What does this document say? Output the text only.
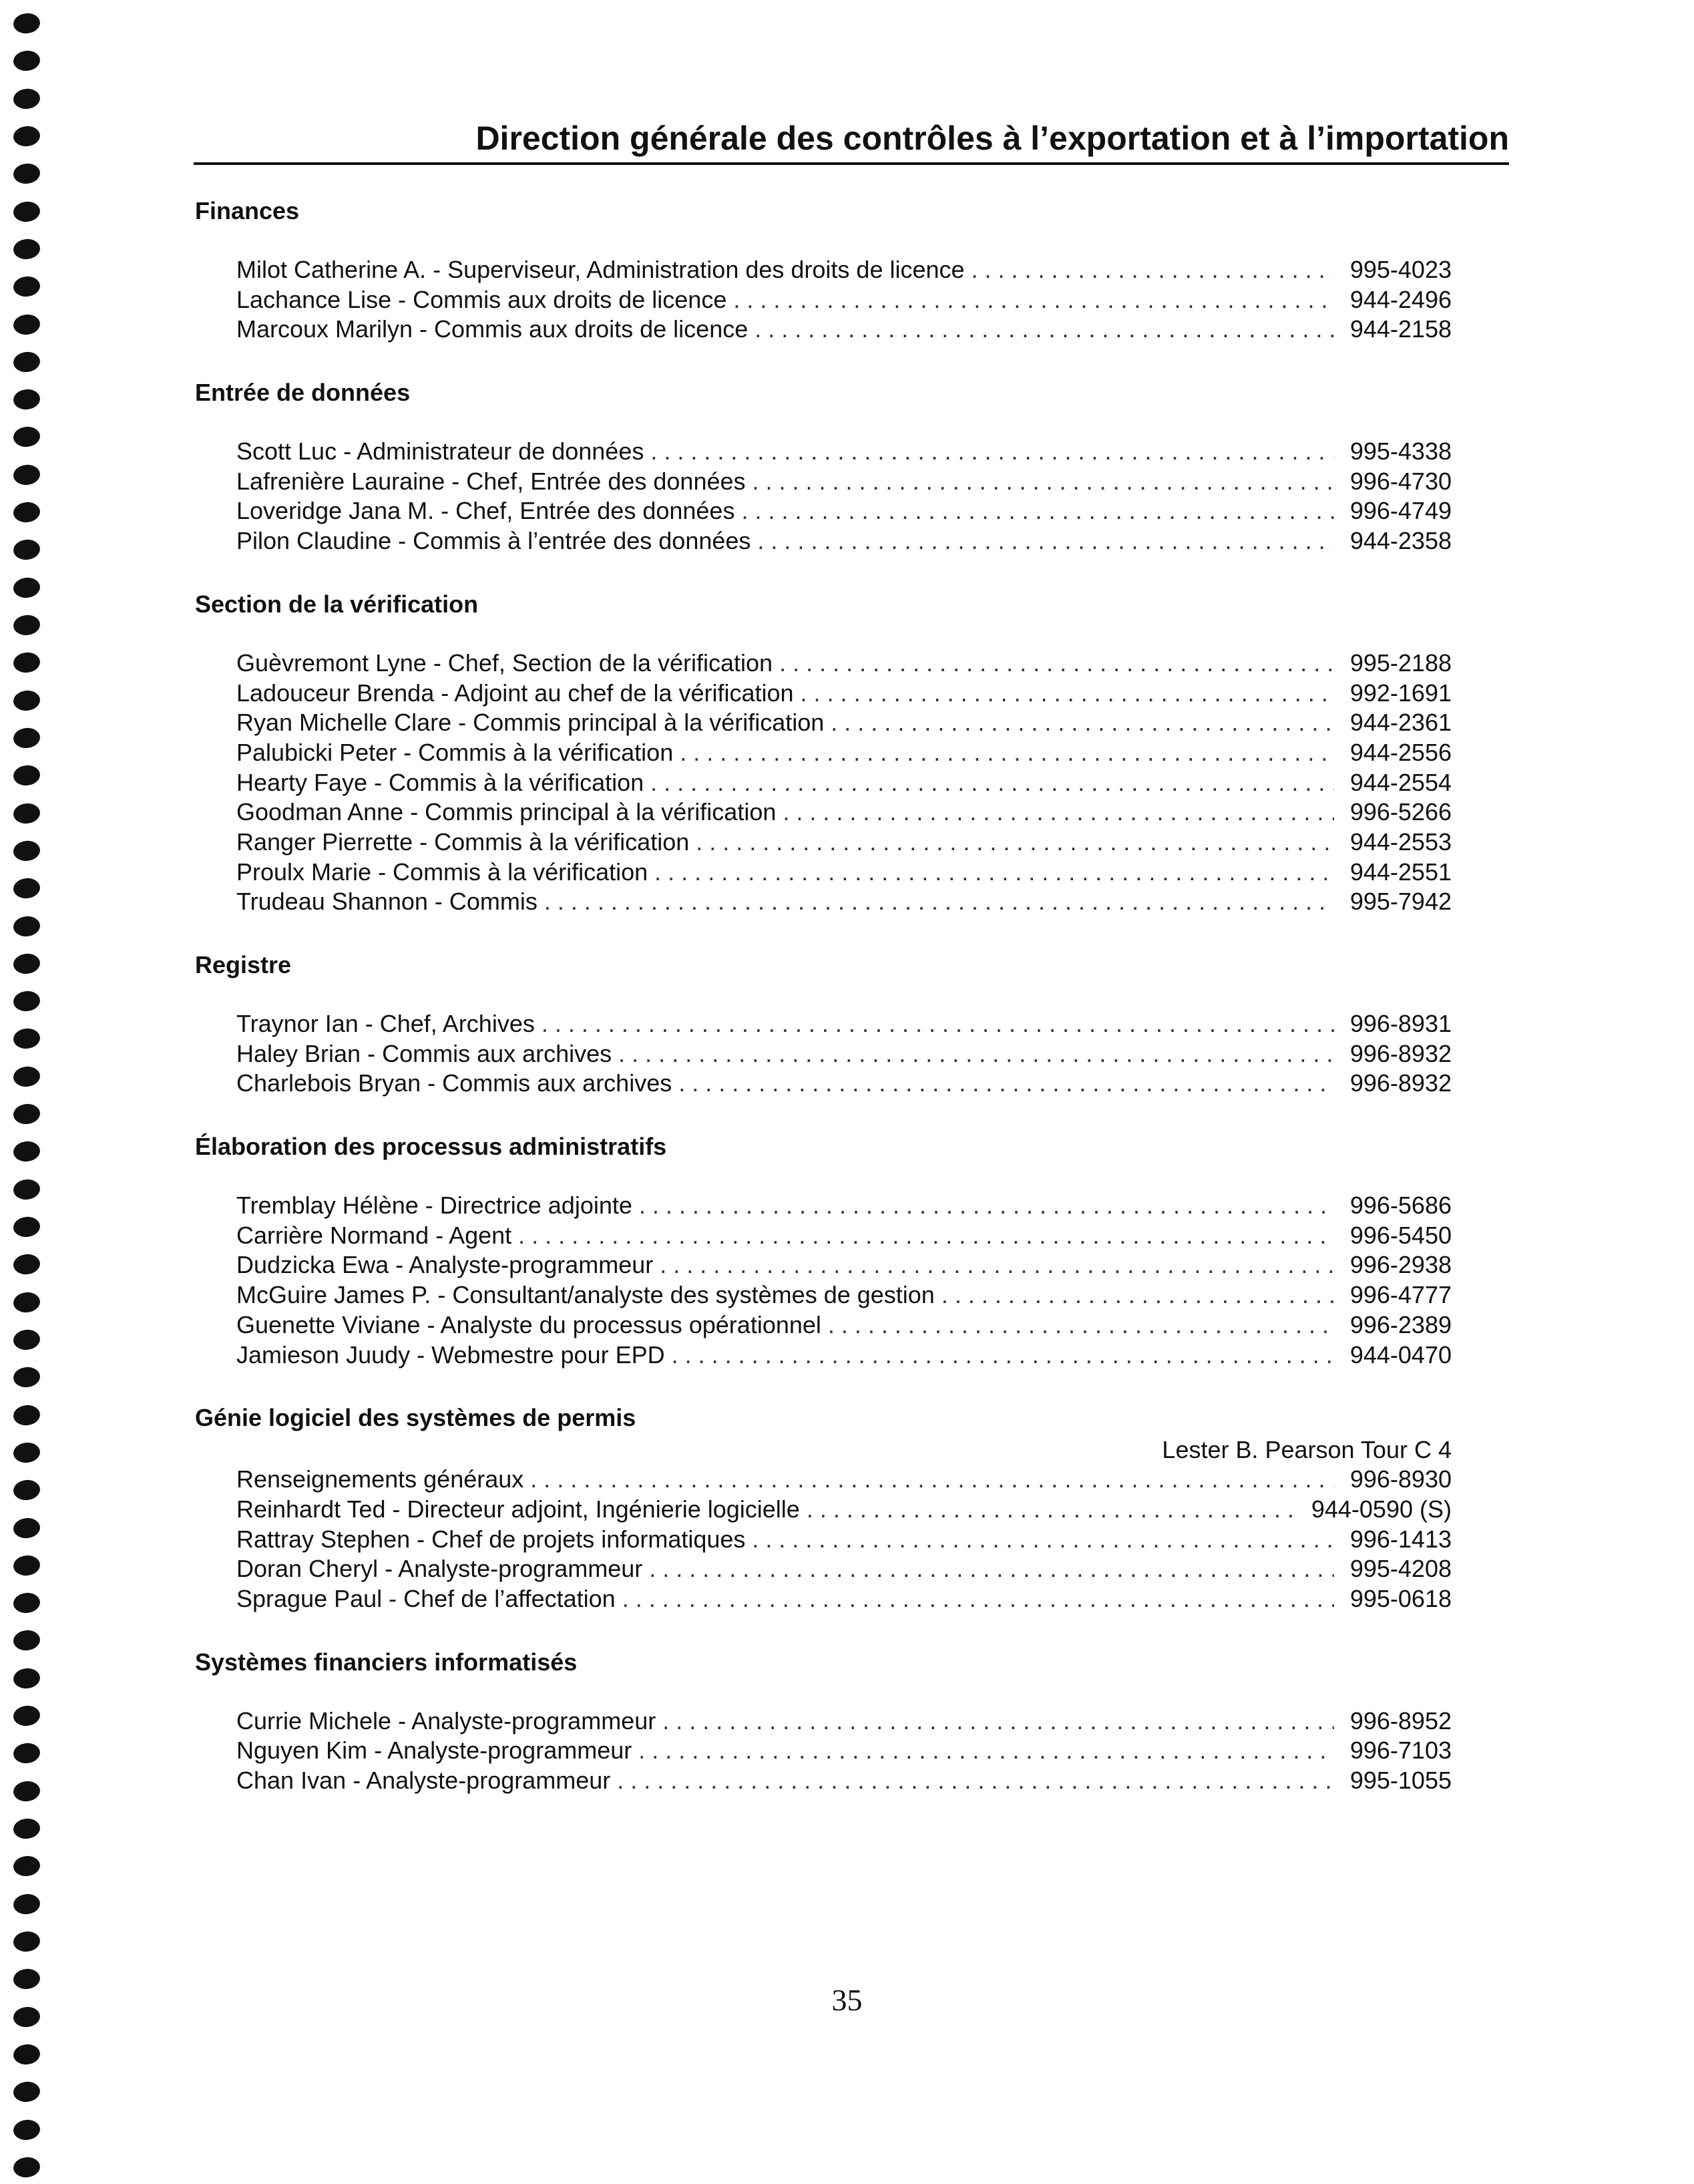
Direction générale des contrôles à l’exportation et à l’importation
Finances
Milot Catherine A. - Superviseur, Administration des droits de licence . . .	995-4023
Lachance Lise - Commis aux droits de licence . . .	944-2496
Marcoux Marilyn - Commis aux droits de licence . . .	944-2158
Entrée de données
Scott Luc - Administrateur de données . . .	995-4338
Lafrenière Lauraine - Chef, Entrée des données . . .	996-4730
Loveridge Jana M. - Chef, Entrée des données . . .	996-4749
Pilon Claudine - Commis à l’entrée des données . . .	944-2358
Section de la vérification
Guèvremont Lyne - Chef, Section de la vérification . . .	995-2188
Ladouceur Brenda - Adjoint au chef de la vérification . . .	992-1691
Ryan Michelle Clare - Commis principal à la vérification . . .	944-2361
Palubicki Peter - Commis à la vérification . . .	944-2556
Hearty Faye - Commis à la vérification . . .	944-2554
Goodman Anne - Commis principal à la vérification . . .	996-5266
Ranger Pierrette - Commis à la vérification . . .	944-2553
Proulx Marie - Commis à la vérification . . .	944-2551
Trudeau Shannon - Commis . . .	995-7942
Registre
Traynor Ian - Chef, Archives . . .	996-8931
Haley Brian - Commis aux archives . . .	996-8932
Charlebois Bryan - Commis aux archives . . .	996-8932
Élaboration des processus administratifs
Tremblay Hélène - Directrice adjointe . . .	996-5686
Carrière Normand - Agent . . .	996-5450
Dudzicka Ewa - Analyste-programmeur . . .	996-2938
McGuire James P. - Consultant/analyste des systèmes de gestion . . .	996-4777
Guenette Viviane - Analyste du processus opérationnel . . .	996-2389
Jamieson Juudy - Webmestre pour EPD . . .	944-0470
Génie logiciel des systèmes de permis
Lester B. Pearson Tour C 4
Renseignements généraux . . .	996-8930
Reinhardt Ted - Directeur adjoint, Ingénierie logicielle . . .	944-0590 (S)
Rattray Stephen - Chef de projets informatiques . . .	996-1413
Doran Cheryl - Analyste-programmeur . . .	995-4208
Sprague Paul - Chef de l’affectation . . .	995-0618
Systèmes financiers informatisés
Currie Michele - Analyste-programmeur . . .	996-8952
Nguyen Kim - Analyste-programmeur . . .	996-7103
Chan Ivan - Analyste-programmeur . . .	995-1055
35
